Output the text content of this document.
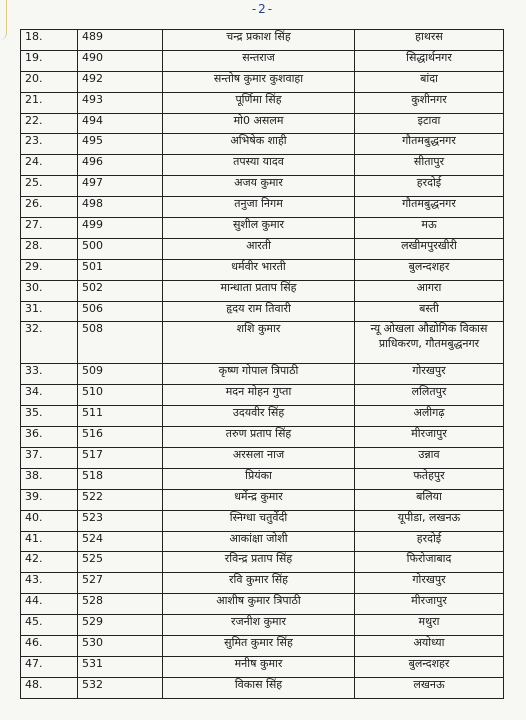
-2-
18.	489	चन्द्र प्रकाश सिंह	हाथरस
19.	490	सन्तराज	सिद्धार्थनगर
20.	492	सन्तोष कुमार कुशवाहा	बांदा
21.	493	पूर्णिमा सिंह	कुशीनगर
22.	494	मो0 असलम	इटावा
23.	495	अभिषेक शाही	गौतमबुद्धनगर
24.	496	तपस्या यादव	सीतापुर
25.	497	अजय कुमार	हरदोई
26.	498	तनुजा निगम	गौतमबुद्धनगर
27.	499	सुशील कुमार	मऊ
28.	500	आरती	लखीमपुरखीरी
29.	501	धर्मवीर भारती	बुलन्दशहर
30.	502	मान्धाता प्रताप सिंह	आगरा
31.	506	हृदय राम तिवारी	बस्ती
32.	508	शशि कुमार	न्यू ओखला औद्योगिक विकास प्राधिकरण, गौतमबुद्धनगर
33.	509	कृष्ण गोपाल त्रिपाठी	गोरखपुर
34.	510	मदन मोहन गुप्ता	ललितपुर
35.	511	उदयवीर सिंह	अलीगढ़
36.	516	तरुण प्रताप सिंह	मीरजापुर
37.	517	अरसला नाज	उन्नाव
38.	518	प्रियंका	फतेहपुर
39.	522	धर्मेन्द्र कुमार	बलिया
40.	523	स्निग्धा चतुर्वेदी	यूपीडा, लखनऊ
41.	524	आकांक्षा जोशी	हरदोई
42.	525	रविन्द्र प्रताप सिंह	फिरोजाबाद
43.	527	रवि कुमार सिंह	गोरखपुर
44.	528	आशीष कुमार त्रिपाठी	मीरजापुर
45.	529	रजनीश कुमार	मथुरा
46.	530	सुमित कुमार सिंह	अयोध्या
47.	531	मनीष कुमार	बुलन्दशहर
48.	532	विकास सिंह	लखनऊ
